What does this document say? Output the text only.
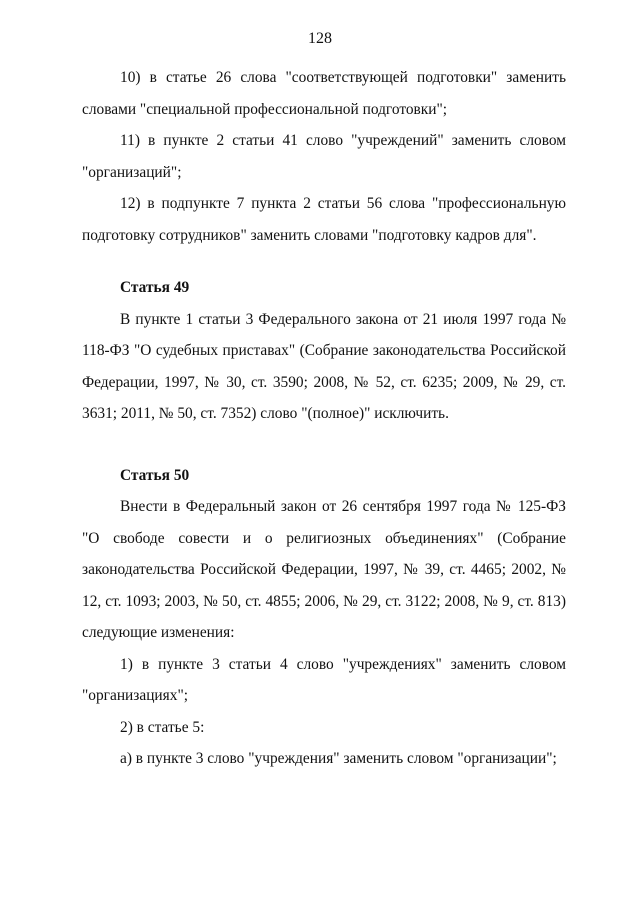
128

10) в статье 26 слова "соответствующей подготовки" заменить словами "специальной профессиональной подготовки";

11) в пункте 2 статьи 41 слово "учреждений" заменить словом "организаций";

12) в подпункте 7 пункта 2 статьи 56 слова "профессиональную подготовку сотрудников" заменить словами "подготовку кадров для".

Статья 49

В пункте 1 статьи 3 Федерального закона от 21 июля 1997 года № 118-ФЗ "О судебных приставах" (Собрание законодательства Российской Федерации, 1997, № 30, ст. 3590; 2008, № 52, ст. 6235; 2009, № 29, ст. 3631; 2011, № 50, ст. 7352) слово "(полное)" исключить.

Статья 50

Внести в Федеральный закон от 26 сентября 1997 года № 125-ФЗ "О свободе совести и о религиозных объединениях" (Собрание законодательства Российской Федерации, 1997, № 39, ст. 4465; 2002, № 12, ст. 1093; 2003, № 50, ст. 4855; 2006, № 29, ст. 3122; 2008, № 9, ст. 813) следующие изменения:

1) в пункте 3 статьи 4 слово "учреждениях" заменить словом "организациях";

2) в статье 5:

а) в пункте 3 слово "учреждения" заменить словом "организации";
